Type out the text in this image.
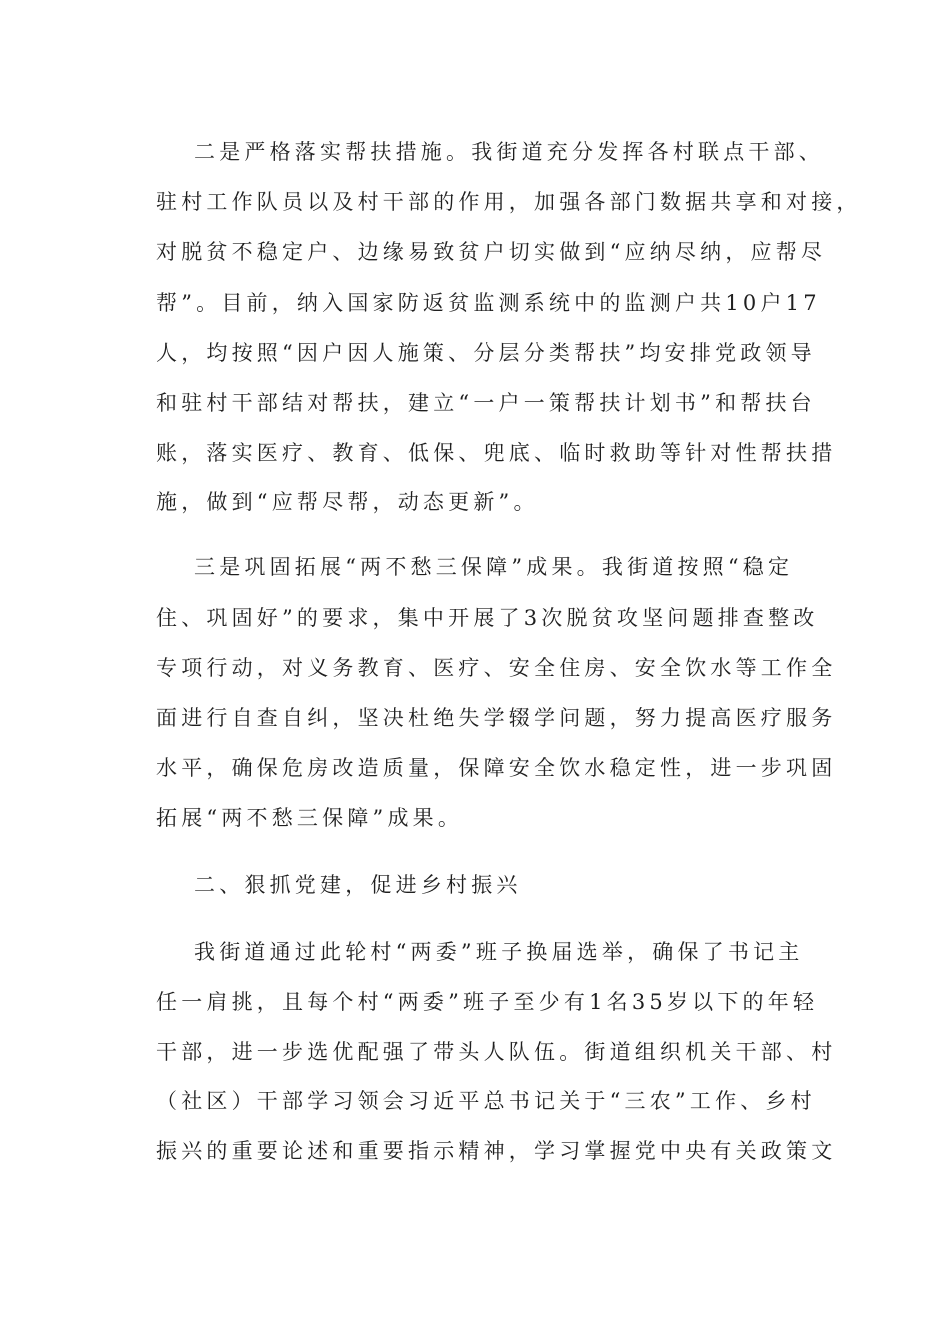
二是严格落实帮扶措施。我街道充分发挥各村联点干部、

驻村工作队员以及村干部的作用，加强各部门数据共享和对接，

对脱贫不稳定户、边缘易致贫户切实做到“应纳尽纳，应帮尽

帮”。目前，纳入国家防返贫监测系统中的监测户共10户17

人，均按照“因户因人施策、分层分类帮扶”均安排党政领导

和驻村干部结对帮扶，建立“一户一策帮扶计划书”和帮扶台

账，落实医疗、教育、低保、兜底、临时救助等针对性帮扶措

施，做到“应帮尽帮，动态更新”。

三是巩固拓展“两不愁三保障”成果。我街道按照“稳定

住、巩固好”的要求，集中开展了3次脱贫攻坚问题排查整改

专项行动，对义务教育、医疗、安全住房、安全饮水等工作全

面进行自查自纠，坚决杜绝失学辍学问题，努力提高医疗服务

水平，确保危房改造质量，保障安全饮水稳定性，进一步巩固

拓展“两不愁三保障”成果。

二、狠抓党建，促进乡村振兴

我街道通过此轮村“两委”班子换届选举，确保了书记主

任一肩挑，且每个村“两委”班子至少有1名35岁以下的年轻

干部，进一步选优配强了带头人队伍。街道组织机关干部、村

（社区）干部学习领会习近平总书记关于“三农”工作、乡村

振兴的重要论述和重要指示精神，学习掌握党中央有关政策文
